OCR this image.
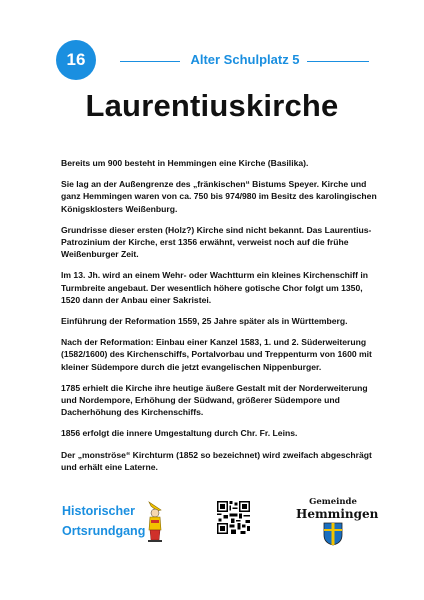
16	Alter Schulplatz 5
Laurentiuskirche

Bereits um 900 besteht in Hemmingen eine Kirche (Basilika).

Sie lag an der Außengrenze des „fränkischen“ Bistums Speyer. Kirche und ganz Hemmingen waren von ca. 750 bis 974/980 im Besitz des karolingischen Königsklosters Weißenburg.

Grundrisse dieser ersten (Holz?) Kirche sind nicht bekannt. Das Laurentius-Patrozinium der Kirche, erst 1356 erwähnt, verweist noch auf die frühe Weißenburger Zeit.

Im 13. Jh. wird an einem Wehr- oder Wachtturm ein kleines Kirchenschiff in Turmbreite angebaut. Der wesentlich höhere gotische Chor folgt um 1350, 1520 dann der Anbau einer Sakristei.

Einführung der Reformation 1559, 25 Jahre später als in Württemberg.

Nach der Reformation: Einbau einer Kanzel 1583, 1. und 2. Süderweiterung (1582/1600) des Kirchenschiffs, Portalvorbau und Treppenturm von 1600 mit kleiner Südempore durch die jetzt evangelischen Nippenburger.

1785 erhielt die Kirche ihre heutige äußere Gestalt mit der Norderweiterung und Nordempore, Erhöhung der Südwand, größerer Südempore und Dacherhöhung des Kirchenschiffs.

1856 erfolgt die innere Umgestaltung durch Chr. Fr. Leins.

Der „monströse“ Kirchturm (1852 so bezeichnet) wird zweifach abgeschrägt und erhält eine Laterne.

Historischer
Ortsrundgang
Gemeinde
Hemmingen
